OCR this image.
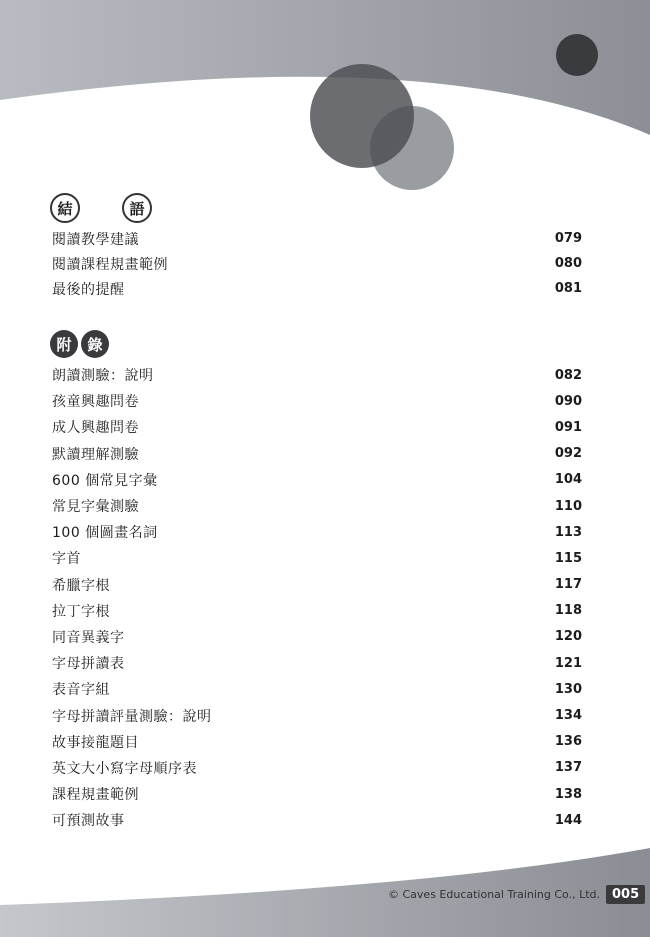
結	語
閱讀教學建議	079
閱讀課程規畫範例	080
最後的提醒	081
附	錄
朗讀測驗：說明	082
孩童興趣問卷	090
成人興趣問卷	091
默讀理解測驗	092
600 個常見字彙	104
常見字彙測驗	110
100 個圖畫名詞	113
字首	115
希臘字根	117
拉丁字根	118
同音異義字	120
字母拼讀表	121
表音字組	130
字母拼讀評量測驗：說明	134
故事接龍題目	136
英文大小寫字母順序表	137
課程規畫範例	138
可預測故事	144
© Caves Educational Training Co., Ltd. 005
